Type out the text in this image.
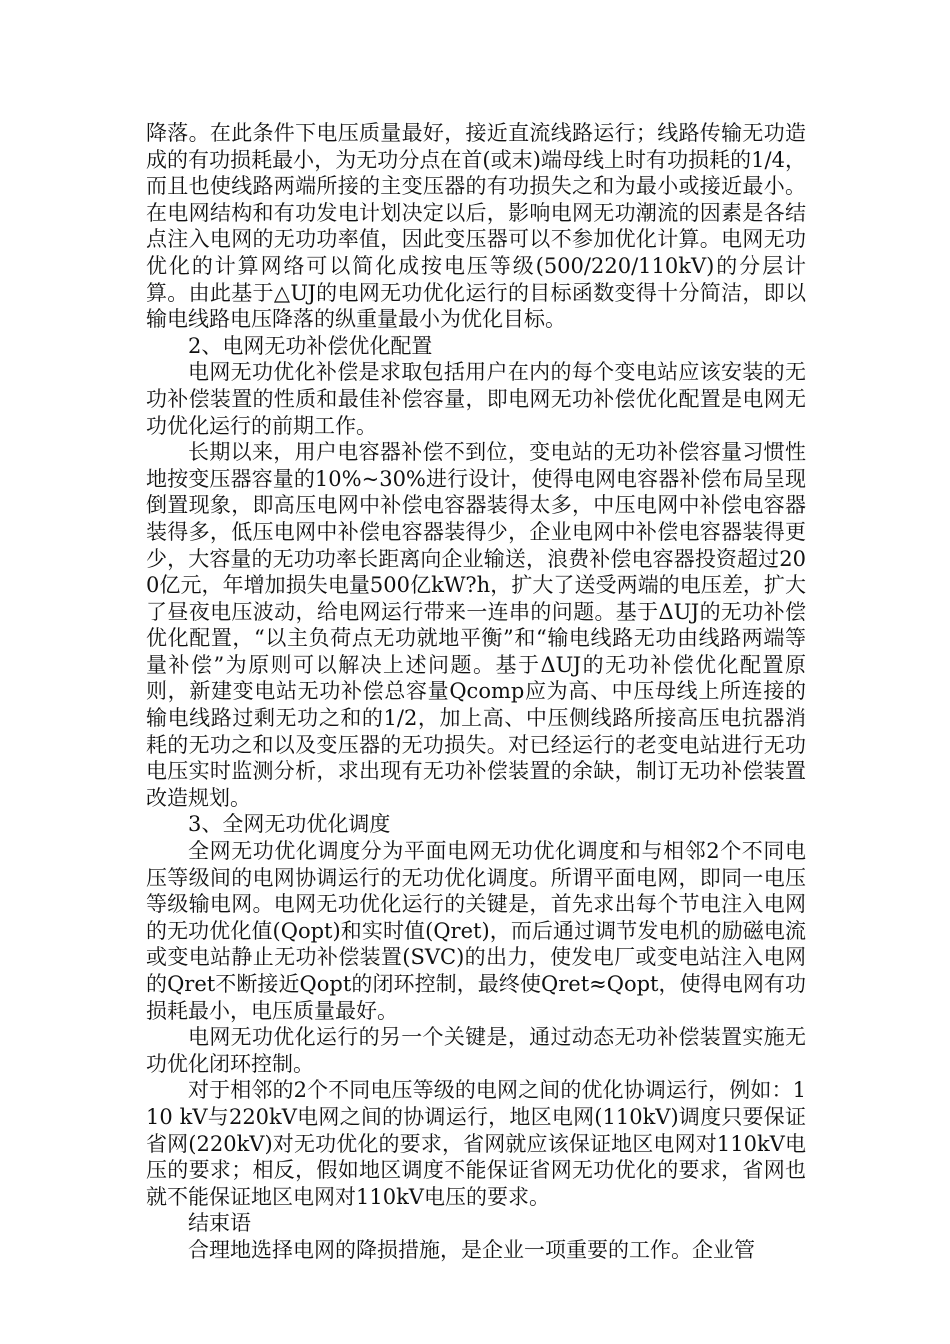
降落。在此条件下电压质量最好，接近直流线路运行；线路传输无功造成的有功损耗最小，为无功分点在首(或末)端母线上时有功损耗的1/4，而且也使线路两端所接的主变压器的有功损失之和为最小或接近最小。在电网结构和有功发电计划决定以后，影响电网无功潮流的因素是各结点注入电网的无功功率值，因此变压器可以不参加优化计算。电网无功优化的计算网络可以简化成按电压等级(500/220/110kV)的分层计算。由此基于△UJ的电网无功优化运行的目标函数变得十分简洁，即以输电线路电压降落的纵重量最小为优化目标。

2、电网无功补偿优化配置

电网无功优化补偿是求取包括用户在内的每个变电站应该安装的无功补偿装置的性质和最佳补偿容量，即电网无功补偿优化配置是电网无功优化运行的前期工作。

长期以来，用户电容器补偿不到位，变电站的无功补偿容量习惯性地按变压器容量的10%~30%进行设计，使得电网电容器补偿布局呈现倒置现象，即高压电网中补偿电容器装得太多，中压电网中补偿电容器装得多，低压电网中补偿电容器装得少，企业电网中补偿电容器装得更少，大容量的无功功率长距离向企业输送，浪费补偿电容器投资超过200亿元，年增加损失电量500亿kW?h，扩大了送受两端的电压差，扩大了昼夜电压波动，给电网运行带来一连串的问题。基于ΔUJ的无功补偿优化配置，“以主负荷点无功就地平衡”和“输电线路无功由线路两端等量补偿”为原则可以解决上述问题。基于ΔUJ的无功补偿优化配置原则，新建变电站无功补偿总容量Qcomp应为高、中压母线上所连接的输电线路过剩无功之和的1/2，加上高、中压侧线路所接高压电抗器消耗的无功之和以及变压器的无功损失。对已经运行的老变电站进行无功电压实时监测分析，求出现有无功补偿装置的余缺，制订无功补偿装置改造规划。

3、全网无功优化调度

全网无功优化调度分为平面电网无功优化调度和与相邻2个不同电压等级间的电网协调运行的无功优化调度。所谓平面电网，即同一电压等级输电网。电网无功优化运行的关键是，首先求出每个节电注入电网的无功优化值(Qopt)和实时值(Qret)，而后通过调节发电机的励磁电流或变电站静止无功补偿装置(SVC)的出力，使发电厂或变电站注入电网的Qret不断接近Qopt的闭环控制，最终使Qret≈Qopt，使得电网有功损耗最小，电压质量最好。

电网无功优化运行的另一个关键是，通过动态无功补偿装置实施无功优化闭环控制。

对于相邻的2个不同电压等级的电网之间的优化协调运行，例如：110 kV与220kV电网之间的协调运行，地区电网(110kV)调度只要保证省网(220kV)对无功优化的要求，省网就应该保证地区电网对110kV电压的要求；相反，假如地区调度不能保证省网无功优化的要求，省网也就不能保证地区电网对110kV电压的要求。

结束语

合理地选择电网的降损措施，是企业一项重要的工作。企业管
